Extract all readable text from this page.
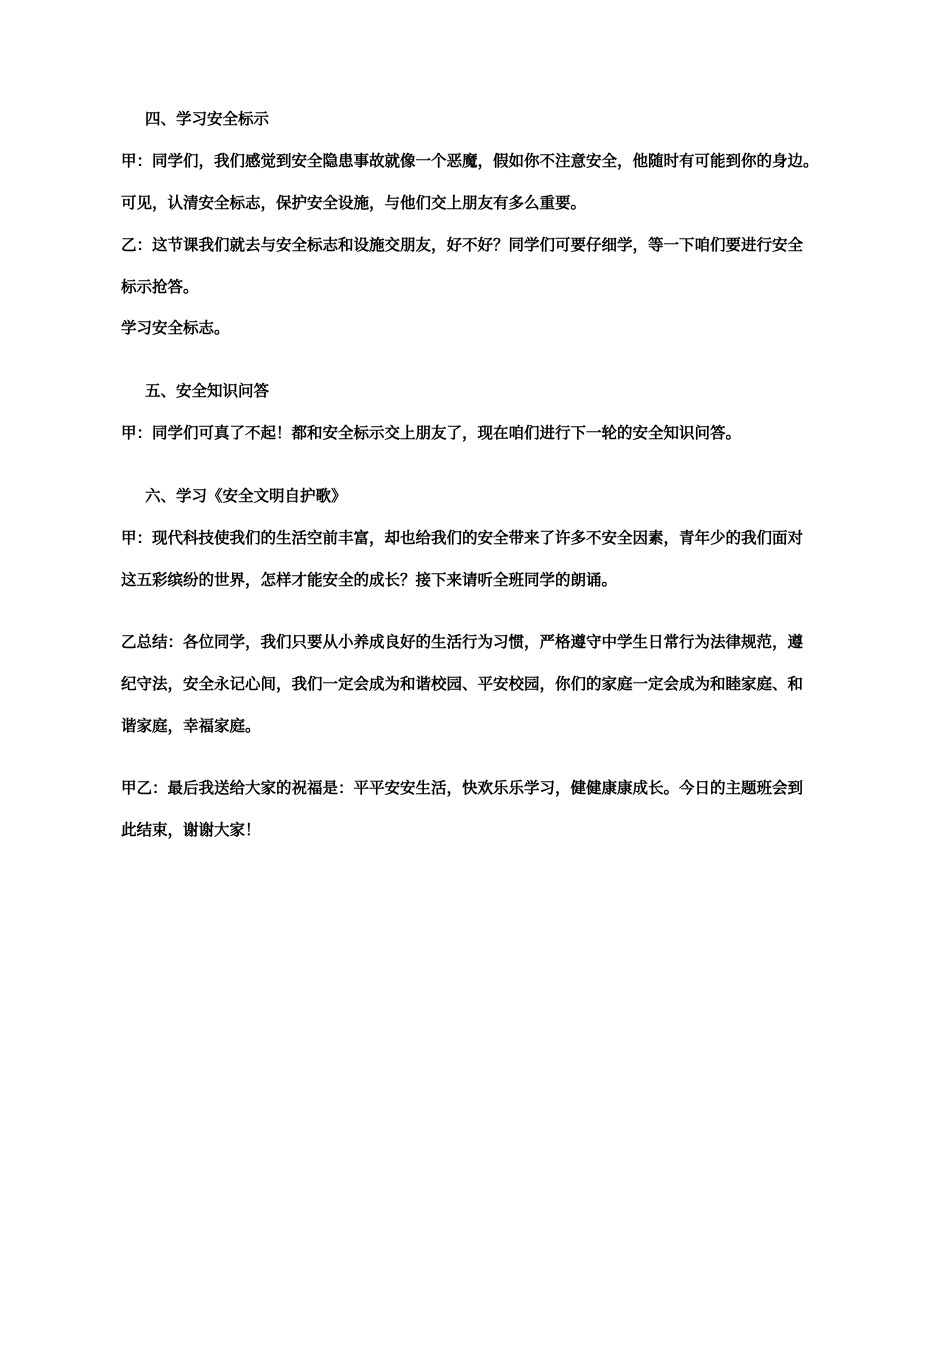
四、学习安全标示
甲：同学们，我们感觉到安全隐患事故就像一个恶魔，假如你不注意安全，他随时有可能到你的身边。
可见，认清安全标志，保护安全设施，与他们交上朋友有多么重要。
乙：这节课我们就去与安全标志和设施交朋友，好不好？同学们可要仔细学，等一下咱们要进行安全
标示抢答。
学习安全标志。
五、安全知识问答
甲：同学们可真了不起！都和安全标示交上朋友了，现在咱们进行下一轮的安全知识问答。
六、学习《安全文明自护歌》
甲：现代科技使我们的生活空前丰富，却也给我们的安全带来了许多不安全因素，青年少的我们面对
这五彩缤纷的世界，怎样才能安全的成长？接下来请听全班同学的朗诵。
乙总结：各位同学，我们只要从小养成良好的生活行为习惯，严格遵守中学生日常行为法律规范，遵
纪守法，安全永记心间，我们一定会成为和谐校园、平安校园，你们的家庭一定会成为和睦家庭、和
谐家庭，幸福家庭。
甲乙：最后我送给大家的祝福是：平平安安生活，快欢乐乐学习，健健康康成长。今日的主题班会到
此结束，谢谢大家！
